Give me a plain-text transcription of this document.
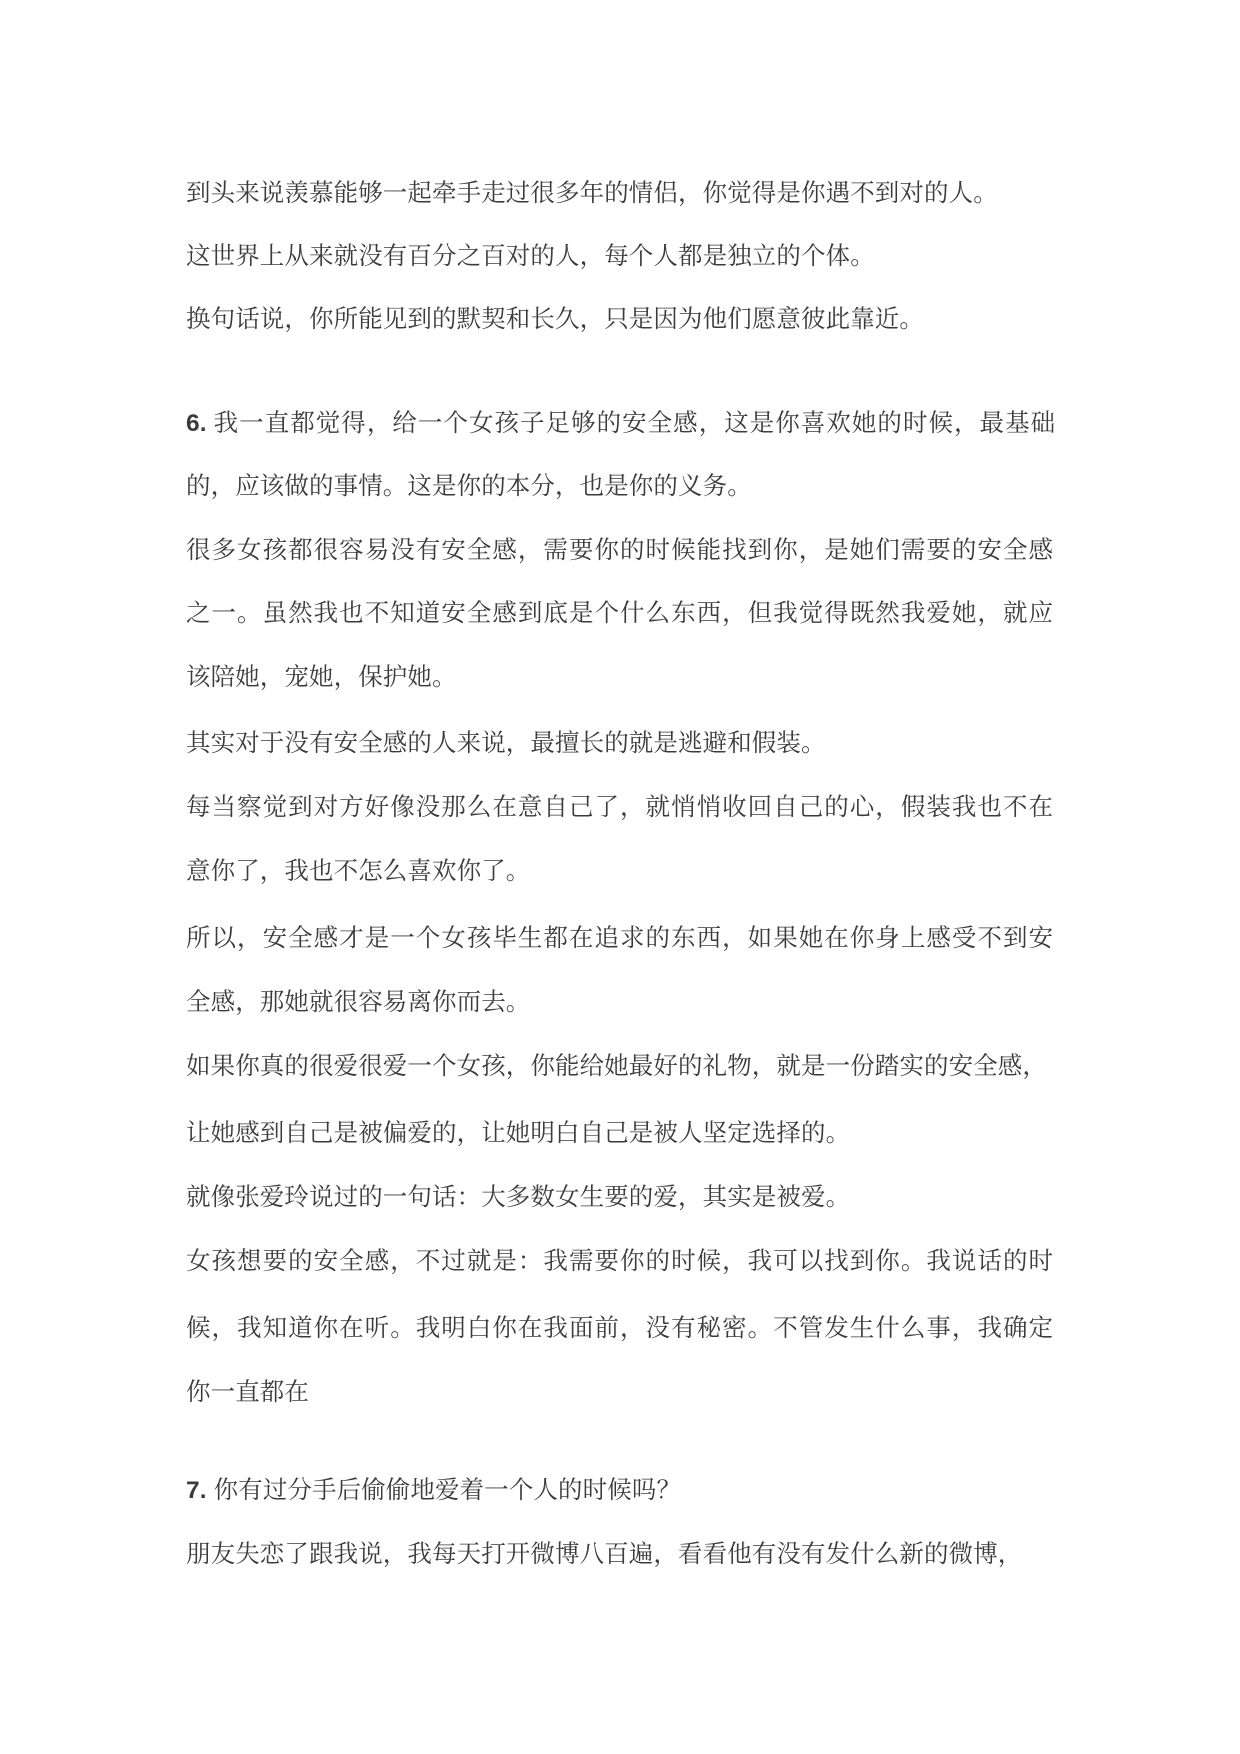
到头来说羡慕能够一起牵手走过很多年的情侣，你觉得是你遇不到对的人。
这世界上从来就没有百分之百对的人，每个人都是独立的个体。
换句话说，你所能见到的默契和长久，只是因为他们愿意彼此靠近。
6. 我一直都觉得，给一个女孩子足够的安全感，这是你喜欢她的时候，最基础
的，应该做的事情。这是你的本分，也是你的义务。
很多女孩都很容易没有安全感，需要你的时候能找到你，是她们需要的安全感
之一。虽然我也不知道安全感到底是个什么东西，但我觉得既然我爱她，就应
该陪她，宠她，保护她。
其实对于没有安全感的人来说，最擅长的就是逃避和假装。
每当察觉到对方好像没那么在意自己了，就悄悄收回自己的心，假装我也不在
意你了，我也不怎么喜欢你了。
所以，安全感才是一个女孩毕生都在追求的东西，如果她在你身上感受不到安
全感，那她就很容易离你而去。
如果你真的很爱很爱一个女孩，你能给她最好的礼物，就是一份踏实的安全感，
让她感到自己是被偏爱的，让她明白自己是被人坚定选择的。
就像张爱玲说过的一句话：大多数女生要的爱，其实是被爱。
女孩想要的安全感，不过就是：我需要你的时候，我可以找到你。我说话的时
候，我知道你在听。我明白你在我面前，没有秘密。不管发生什么事，我确定
你一直都在
7. 你有过分手后偷偷地爱着一个人的时候吗？
朋友失恋了跟我说，我每天打开微博八百遍，看看他有没有发什么新的微博，
